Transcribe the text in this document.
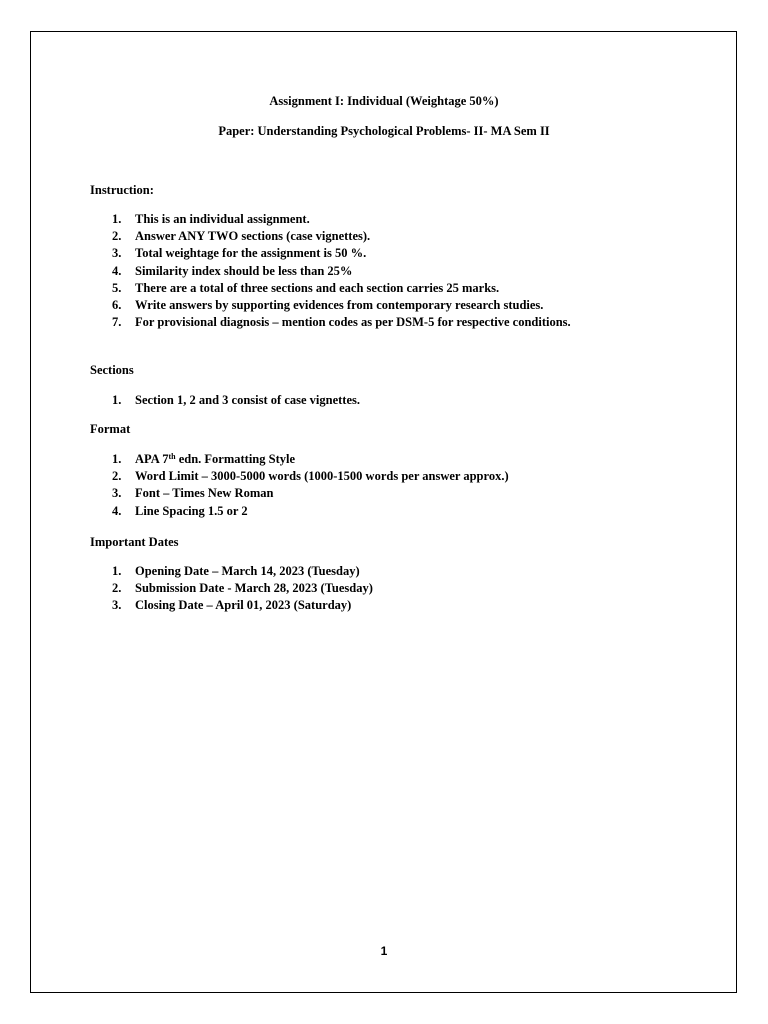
Assignment I: Individual (Weightage 50%)
Paper: Understanding Psychological Problems- II- MA Sem II
Instruction:
1. This is an individual assignment.
2. Answer ANY TWO sections (case vignettes).
3. Total weightage for the assignment is 50 %.
4. Similarity index should be less than 25%
5. There are a total of three sections and each section carries 25 marks.
6. Write answers by supporting evidences from contemporary research studies.
7. For provisional diagnosis – mention codes as per DSM-5 for respective conditions.
Sections
1. Section 1, 2 and 3 consist of case vignettes.
Format
1. APA 7th edn. Formatting Style
2. Word Limit – 3000-5000 words (1000-1500 words per answer approx.)
3. Font – Times New Roman
4. Line Spacing 1.5 or 2
Important Dates
1. Opening Date – March 14, 2023 (Tuesday)
2. Submission Date - March 28, 2023 (Tuesday)
3. Closing Date – April 01, 2023 (Saturday)
1
